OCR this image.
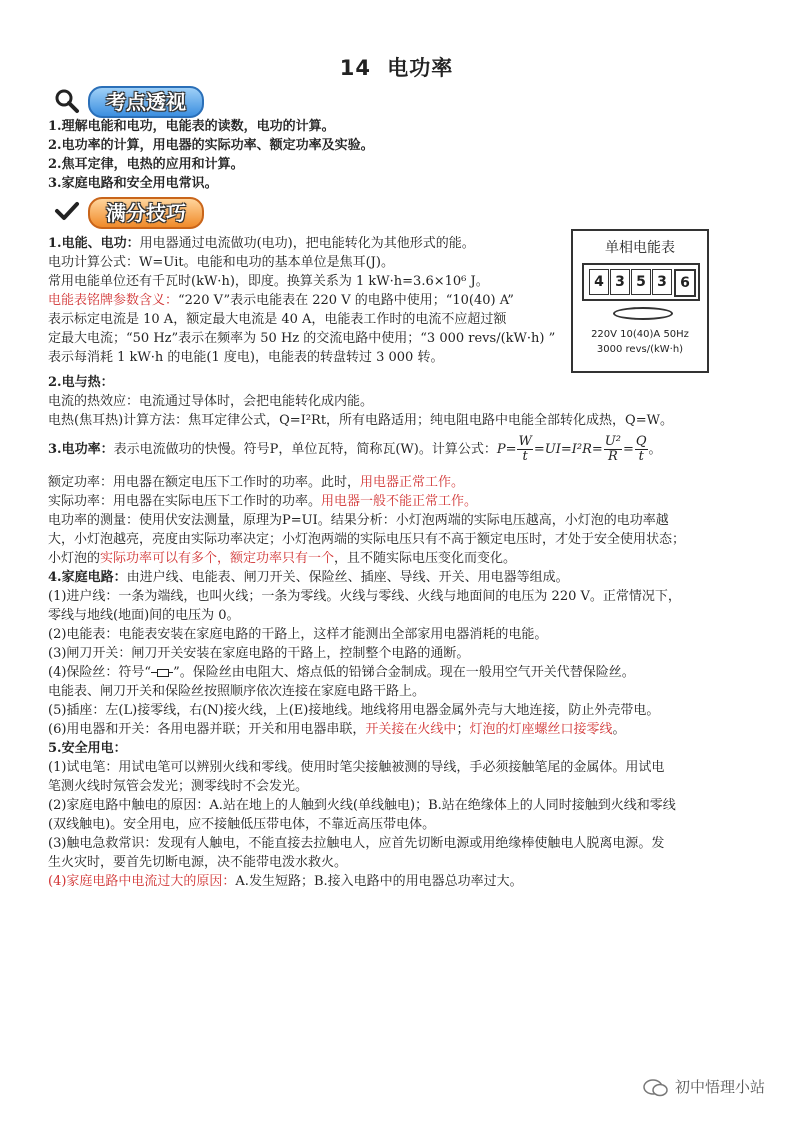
14 电功率
考点透视
1.理解电能和电功，电能表的读数，电功的计算。
2.电功率的计算，用电器的实际功率、额定功率及实验。
2.焦耳定律，电热的应用和计算。
3.家庭电路和安全用电常识。
满分技巧
单相电能表
4 3 5 3 6
220V 10(40)A 50Hz
3000 revs/(kW·h)
1.电能、电功：用电器通过电流做功(电功)，把电能转化为其他形式的能。
电功计算公式：W=Uit。电能和电功的基本单位是焦耳(J)。
常用电能单位还有千瓦时(kW·h)，即度。换算关系为 1 kW·h=3.6×10⁶ J。
电能表铭牌参数含义：“220 V”表示电能表在 220 V 的电路中使用；“10(40) A”
表示标定电流是 10 A，额定最大电流是 40 A，电能表工作时的电流不应超过额
定最大电流；“50 Hz”表示在频率为 50 Hz 的交流电路中使用；“3 000 revs/(kW·h) ”
表示每消耗 1 kW·h 的电能(1 度电)，电能表的转盘转过 3 000 转。
2.电与热：
电流的热效应：电流通过导体时，会把电能转化成内能。
电热(焦耳热)计算方法：焦耳定律公式，Q=I²Rt，所有电路适用；纯电阻电路中电能全部转化成热，Q=W。
3.电功率：表示电流做功的快慢。符号P，单位瓦特，简称瓦(W)。计算公式：$P= \frac{W}{t} =UI=I^2R= \frac{\text{U²}}{R} = \frac{Q}{t}$ 。
额定功率：用电器在额定电压下工作时的功率。此时，用电器正常工作。
实际功率：用电器在实际电压下工作时的功率。用电器一般不能正常工作。
电功率的测量：使用伏安法测量，原理为P=UI。结果分析：小灯泡两端的实际电压越高，小灯泡的电功率越
大，小灯泡越亮，亮度由实际功率决定；小灯泡两端的实际电压只有不高于额定电压时，才处于安全使用状态；
小灯泡的实际功率可以有多个，额定功率只有一个，且不随实际电压变化而变化。
4.家庭电路：由进户线、电能表、闸刀开关、保险丝、插座、导线、开关、用电器等组成。
(1)进户线：一条为端线，也叫火线；一条为零线。火线与零线、火线与地面间的电压为 220 V。正常情况下，
零线与地线(地面)间的电压为 0。
(2)电能表：电能表安装在家庭电路的干路上，这样才能测出全部家用电器消耗的电能。
(3)闸刀开关：闸刀开关安装在家庭电路的干路上，控制整个电路的通断。
(4)保险丝：符号“ ”。保险丝由电阻大、熔点低的铅锑合金制成。现在一般用空气开关代替保险丝。
电能表、闸刀开关和保险丝按照顺序依次连接在家庭电路干路上。
(5)插座：左(L)接零线，右(N)接火线，上(E)接地线。地线将用电器金属外壳与大地连接，防止外壳带电。
(6)用电器和开关：各用电器并联；开关和用电器串联，开关接在火线中；灯泡的灯座螺丝口接零线。
5.安全用电：
(1)试电笔：用试电笔可以辨别火线和零线。使用时笔尖接触被测的导线，手必须接触笔尾的金属体。用试电
笔测火线时氖管会发光；测零线时不会发光。
(2)家庭电路中触电的原因：A.站在地上的人触到火线(单线触电)；B.站在绝缘体上的人同时接触到火线和零线
(双线触电)。安全用电，应不接触低压带电体，不靠近高压带电体。
(3)触电急救常识：发现有人触电，不能直接去拉触电人，应首先切断电源或用绝缘棒使触电人脱离电源。发
生火灾时，要首先切断电源，决不能带电泼水救火。
(4)家庭电路中电流过大的原因：A.发生短路；B.接入电路中的用电器总功率过大。
初中悟理小站
